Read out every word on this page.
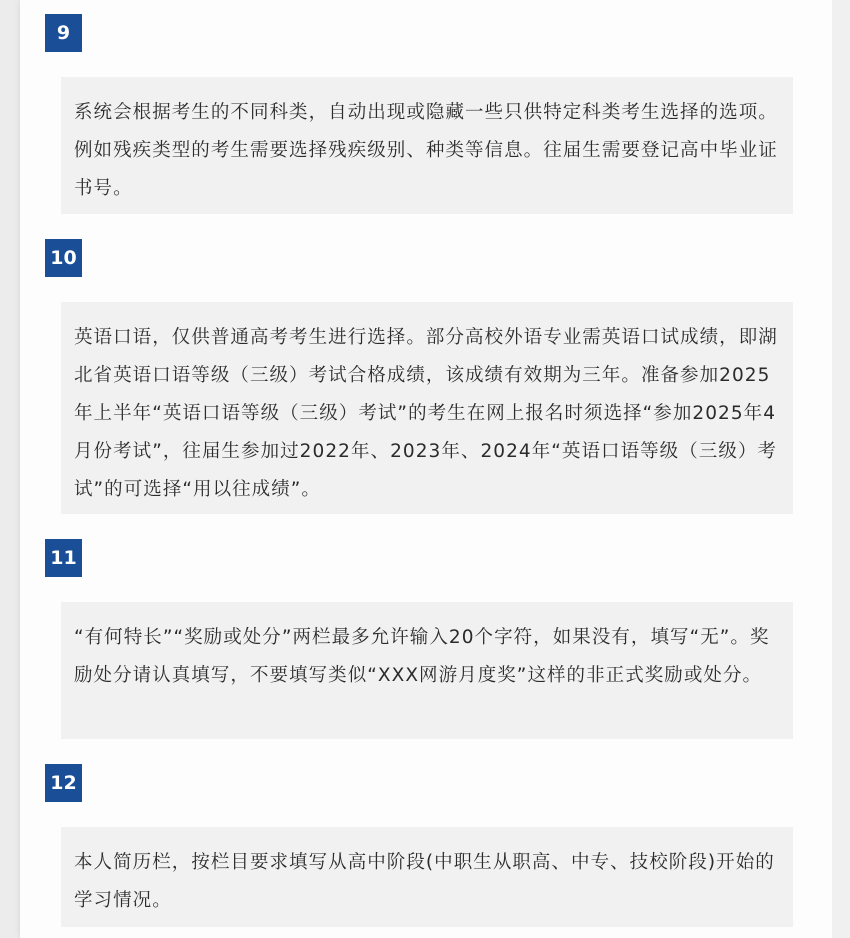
9

系统会根据考生的不同科类，自动出现或隐藏一些只供特定科类考生选择的选项。例如残疾类型的考生需要选择残疾级别、种类等信息。往届生需要登记高中毕业证书号。

10

英语口语，仅供普通高考考生进行选择。部分高校外语专业需英语口试成绩，即湖北省英语口语等级（三级）考试合格成绩，该成绩有效期为三年。准备参加2025年上半年“英语口语等级（三级）考试”的考生在网上报名时须选择“参加2025年4月份考试”，往届生参加过2022年、2023年、2024年“英语口语等级（三级）考试”的可选择“用以往成绩”。

11

“有何特长”“奖励或处分”两栏最多允许输入20个字符，如果没有，填写“无”。奖励处分请认真填写，不要填写类似“XXX网游月度奖”这样的非正式奖励或处分。

12

本人简历栏，按栏目要求填写从高中阶段(中职生从职高、中专、技校阶段)开始的学习情况。
